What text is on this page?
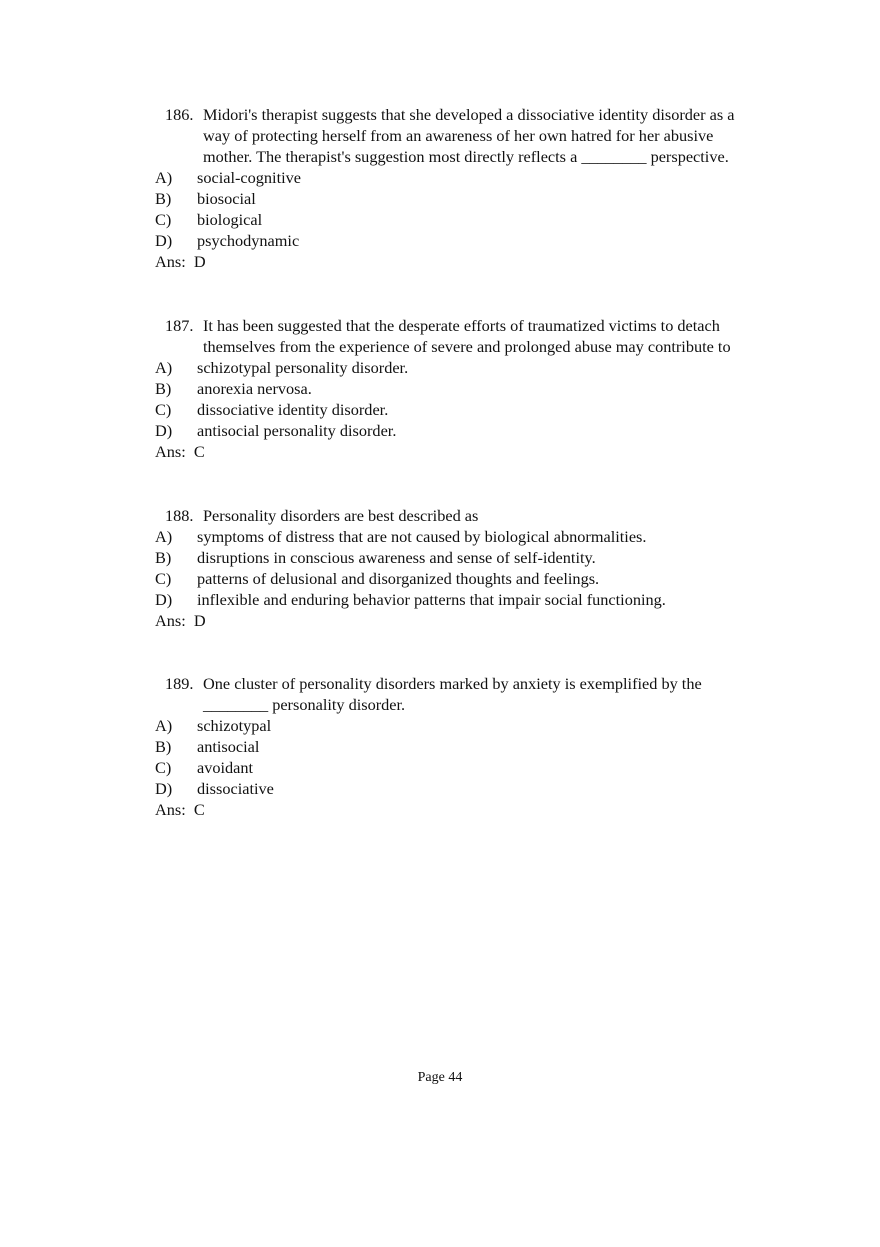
186. Midori's therapist suggests that she developed a dissociative identity disorder as a
way of protecting herself from an awareness of her own hatred for her abusive
mother. The therapist's suggestion most directly reflects a ________ perspective.
A) social-cognitive
B) biosocial
C) biological
D) psychodynamic
Ans: D
187. It has been suggested that the desperate efforts of traumatized victims to detach
themselves from the experience of severe and prolonged abuse may contribute to
A) schizotypal personality disorder.
B) anorexia nervosa.
C) dissociative identity disorder.
D) antisocial personality disorder.
Ans: C
188. Personality disorders are best described as
A) symptoms of distress that are not caused by biological abnormalities.
B) disruptions in conscious awareness and sense of self-identity.
C) patterns of delusional and disorganized thoughts and feelings.
D) inflexible and enduring behavior patterns that impair social functioning.
Ans: D
189. One cluster of personality disorders marked by anxiety is exemplified by the
________ personality disorder.
A) schizotypal
B) antisocial
C) avoidant
D) dissociative
Ans: C
Page 44
